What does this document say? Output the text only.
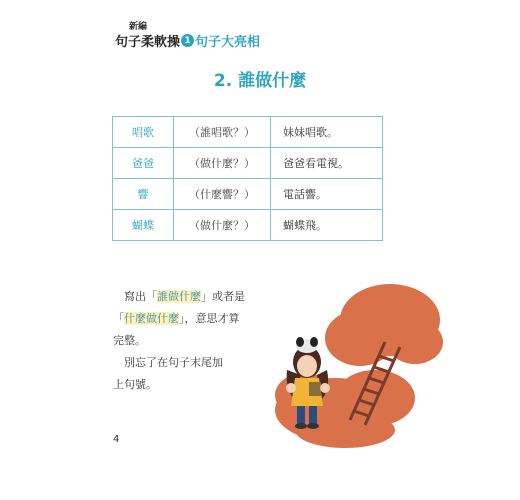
新編
句子柔軟操 1 句子大亮相
2. 誰做什麼
唱歌	（誰唱歌？）	妹妹唱歌。
爸爸	（做什麼？）	爸爸看電視。
響	（什麼響？）	電話響。
蝴蝶	（做什麼？）	蝴蝶飛。

寫出「誰做什麼」或者是

「什麼做什麼」，意思才算

完整。

別忘了在句子末尾加

上句號。

4
